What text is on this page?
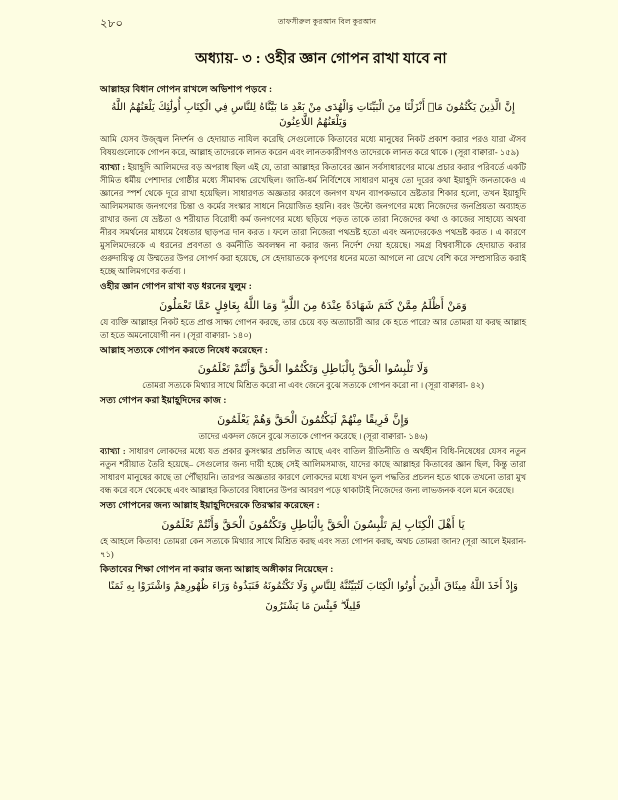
২৮০	তাফসীরুল কুরআন বিল কুরআন
অধ্যায়- ৩ : ওহীর জ্ঞান গোপন রাখা যাবে না
আল্লাহর বিধান গোপন রাখলে অভিশাপ পড়বে :
إِنَّ الَّذِينَ يَكْتُمُونَ مَاۤ أَنْزَلْنَا مِنَ الْبَيِّنَاتِ وَالْهُدَى مِنْ بَعْدِ مَا بَيَّنَّاهُ لِلنَّاسِ فِي الْكِتَابِ أُولَٰئِكَ يَلْعَنُهُمُ اللَّهُ وَيَلْعَنُهُمُ اللَّاعِنُونَ

আমি যেসব উজ্জ্বল নিদর্শন ও হেদায়াত নাযিল করেছি সেগুলোকে কিতাবের মধ্যে মানুষের নিকট প্রকাশ করার পরও যারা ঐসব বিষয়গুলোকে গোপন করে, আল্লাহ তাদেরকে লানত করেন এবং লানতকারীগণও তাদেরকে লানত করে থাকে । (সূরা বাক্বারা- ১৫৯)

ব্যাখ্যা : ইয়াহূদি আলিমদের বড় অপরাধ ছিল এই যে, তারা আল্লাহর কিতাবের জ্ঞান সর্বসাধারণের মাঝে প্রচার করার পরিবর্তে একটি সীমিত ধর্মীয় পেশাদার গোষ্ঠীর মধ্যে সীমাবদ্ধ রেখেছিল। জাতি-ধর্ম নির্বিশেষে সাধারণ মানুষ তো দূরের কথা ইয়াহূদি জনতাকেও এ জ্ঞানের স্পর্শ থেকে দূরে রাখা হয়েছিল। সাধারণত অজ্ঞতার কারণে জনগণ যখন ব্যাপকভাবে ভ্রষ্টতার শিকার হলো, তখন ইয়াহূদি আলিমসমাজ জনগণের চিন্তা ও কর্মের সংস্কার সাধনে নিয়োজিত হয়নি। বরং উল্টো জনগণের মধ্যে নিজেদের জনপ্রিয়তা অব্যাহত রাখার জন্য যে ভ্রষ্টতা ও শরীয়াত বিরোধী কর্ম জনগণের মধ্যে ছড়িয়ে পড়ত তাকে তারা নিজেদের কথা ও কাজের সাহায্যে অথবা নীরব সমর্থনের মাধ্যমে বৈধতার ছাড়পত্র দান করত । ফলে তারা নিজেরা পথভ্রষ্ট হতো এবং অন্যদেরকেও পথভ্রষ্ট করত । এ কারণে মুসলিমদেরকে এ ধরনের প্রবণতা ও কর্মনীতি অবলম্বন না করার জন্য নির্দেশ দেয়া হয়েছে। সমগ্র বিশ্ববাসীকে হেদায়াত করার গুরুদায়িত্ব যে উম্মতের উপর সোপর্দ করা হয়েছে, সে হেদায়াতকে কৃপণের ধনের মতো আগলে না রেখে বেশি করে সম্প্রসারিত করাই হচ্ছে আলিমগণের কর্তব্য ।

ওহীর জ্ঞান গোপন রাখা বড় ধরনের যুলুম :
وَمَنْ أَظْلَمُ مِمَّنْ كَتَمَ شَهَادَةً عِنْدَهُ مِنَ اللَّهِ ۗ وَمَا اللَّهُ بِغَافِلٍ عَمَّا تَعْمَلُونَ

যে ব্যক্তি আল্লাহর নিকট হতে প্রাপ্ত সাক্ষ্য গোপন করছে, তার চেয়ে বড় অত্যাচারী আর কে হতে পারে? আর তোমরা যা করছ আল্লাহ তা হতে অমনোযোগী নন । (সূরা বাক্বারা- ১৪০)

আল্লাহ সত্যকে গোপন করতে নিষেধ করেছেন :
وَلَا تَلْبِسُوا الْحَقَّ بِالْبَاطِلِ وَتَكْتُمُوا الْحَقَّ وَأَنْتُمْ تَعْلَمُونَ

তোমরা সত্যকে মিথ্যার সাথে মিশ্রিত করো না এবং জেনে বুঝে সত্যকে গোপন করো না । (সূরা বাক্বারা- ৪২)

সত্য গোপন করা ইয়াহূদিদের কাজ :
وَإِنَّ فَرِيقًا مِنْهُمْ لَيَكْتُمُونَ الْحَقَّ وَهُمْ يَعْلَمُونَ

তাদের একদল জেনে বুঝে সত্যকে গোপন করেছে । (সূরা বাক্বারা- ১৪৬)

ব্যাখ্যা : সাধারণ লোকদের মধ্যে যত প্রকার কুসংস্কার প্রচলিত আছে এবং বাতিল রীতিনীতি ও অর্থহীন বিধি-নিষেধের যেসব নতুন নতুন শরীয়াত তৈরি হয়েছে– সেগুলোর জন্য দায়ী হচ্ছে সেই আলিমসমাজ, যাদের কাছে আল্লাহর কিতাবের জ্ঞান ছিল, কিন্তু তারা সাধারণ মানুষের কাছে তা পৌঁছায়নি। তারপর অজ্ঞতার কারণে লোকদের মধ্যে যখন ভুল পদ্ধতির প্রচলন হতে থাকে তখনো তারা মুখ বন্ধ করে বসে থেকেছে এবং আল্লাহর কিতাবের বিধানের উপর আবরণ পড়ে থাকাটাই নিজেদের জন্য লাভজনক বলে মনে করেছে।

সত্য গোপনের জন্য আল্লাহ ইয়াহূদিদেরকে তিরস্কার করেছেন :
يَا أَهْلَ الْكِتَابِ لِمَ تَلْبِسُونَ الْحَقَّ بِالْبَاطِلِ وَتَكْتُمُونَ الْحَقَّ وَأَنْتُمْ تَعْلَمُونَ

হে আহলে কিতাব! তোমরা কেন সত্যকে মিথ্যার সাথে মিশ্রিত করছ এবং সত্য গোপন করছ, অথচ তোমরা জান? (সূরা আলে ইমরান- ৭১)

কিতাবের শিক্ষা গোপন না করার জন্য আল্লাহ অঙ্গীকার নিয়েছেন :
وَإِذْ أَخَذَ اللَّهُ مِيثَاقَ الَّذِينَ أُوتُوا الْكِتَابَ لَتُبَيِّنُنَّهُ لِلنَّاسِ وَلَا تَكْتُمُونَهُ فَنَبَذُوهُ وَرَاءَ ظُهُورِهِمْ وَاشْتَرَوْا بِهِ ثَمَنًا
قَلِيلًا ۖ فَبِئْسَ مَا يَشْتَرُونَ
